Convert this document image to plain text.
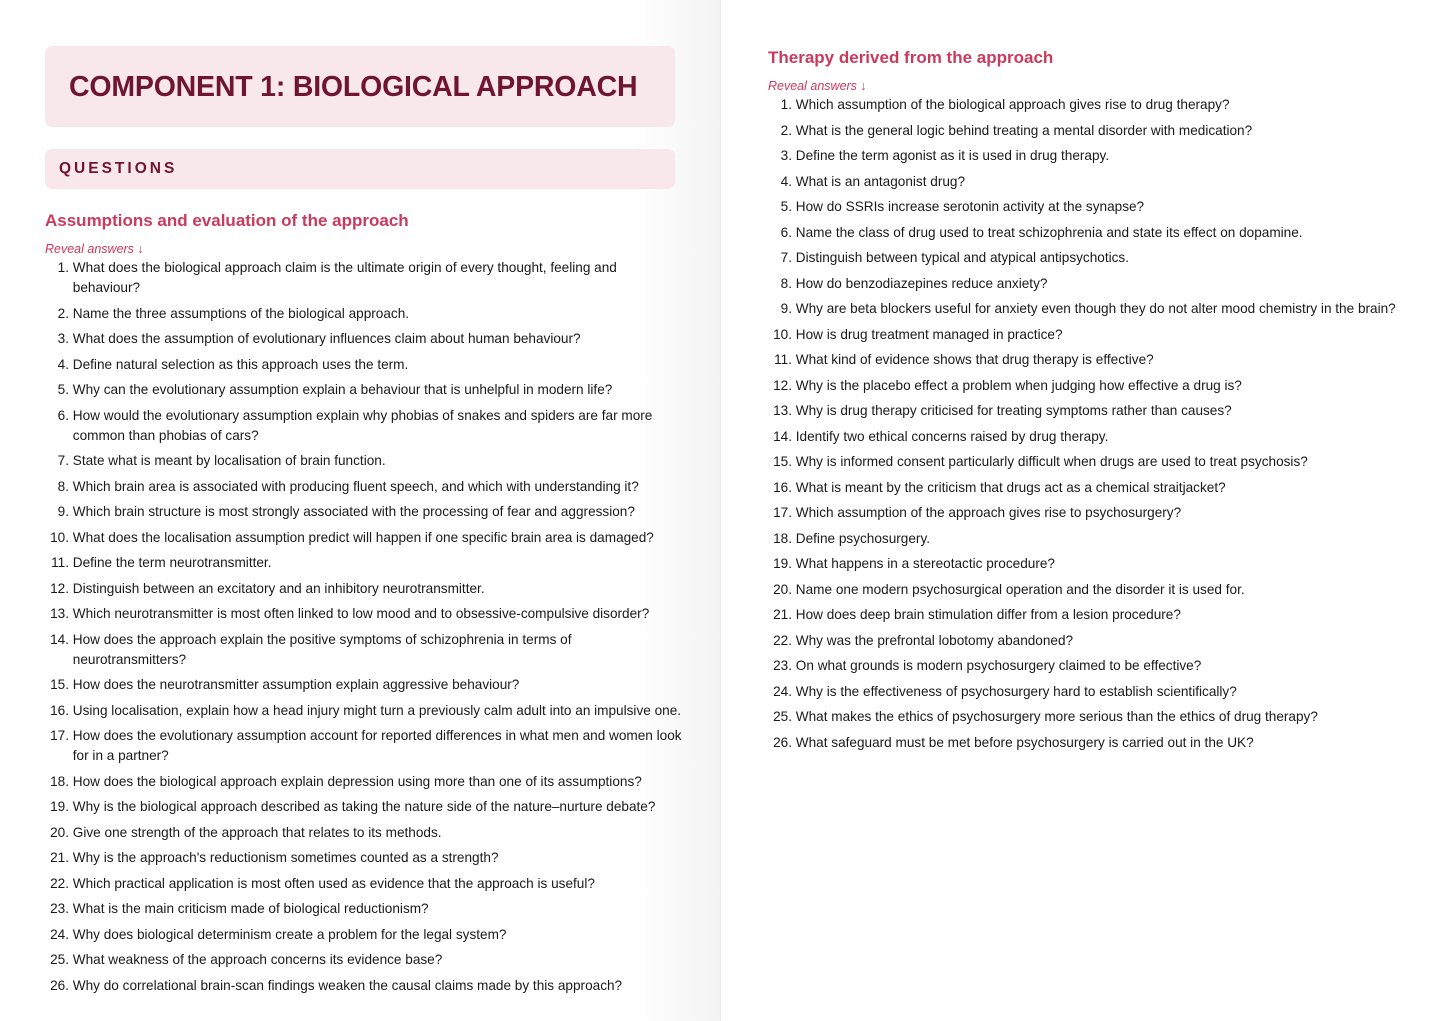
COMPONENT 1: BIOLOGICAL APPROACH
QUESTIONS
Assumptions and evaluation of the approach
Reveal answers ↓
1.
What does the biological approach claim is the ultimate origin of every thought, feeling and behaviour?
2.
Name the three assumptions of the biological approach.
3.
What does the assumption of evolutionary influences claim about human behaviour?
4.
Define natural selection as this approach uses the term.
5.
Why can the evolutionary assumption explain a behaviour that is unhelpful in modern life?
6.
How would the evolutionary assumption explain why phobias of snakes and spiders are far more common than phobias of cars?
7.
State what is meant by localisation of brain function.
8.
Which brain area is associated with producing fluent speech, and which with understanding it?
9.
Which brain structure is most strongly associated with the processing of fear and aggression?
10.
What does the localisation assumption predict will happen if one specific brain area is damaged?
11.
Define the term neurotransmitter.
12.
Distinguish between an excitatory and an inhibitory neurotransmitter.
13.
Which neurotransmitter is most often linked to low mood and to obsessive-compulsive disorder?
14.
How does the approach explain the positive symptoms of schizophrenia in terms of neurotransmitters?
15.
How does the neurotransmitter assumption explain aggressive behaviour?
16.
Using localisation, explain how a head injury might turn a previously calm adult into an impulsive one.
17.
How does the evolutionary assumption account for reported differences in what men and women look for in a partner?
18.
How does the biological approach explain depression using more than one of its assumptions?
19.
Why is the biological approach described as taking the nature side of the nature–nurture debate?
20.
Give one strength of the approach that relates to its methods.
21.
Why is the approach's reductionism sometimes counted as a strength?
22.
Which practical application is most often used as evidence that the approach is useful?
23.
What is the main criticism made of biological reductionism?
24.
Why does biological determinism create a problem for the legal system?
25.
What weakness of the approach concerns its evidence base?
26.
Why do correlational brain-scan findings weaken the causal claims made by this approach?
Therapy derived from the approach
Reveal answers ↓
1.
Which assumption of the biological approach gives rise to drug therapy?
2.
What is the general logic behind treating a mental disorder with medication?
3.
Define the term agonist as it is used in drug therapy.
4.
What is an antagonist drug?
5.
How do SSRIs increase serotonin activity at the synapse?
6.
Name the class of drug used to treat schizophrenia and state its effect on dopamine.
7.
Distinguish between typical and atypical antipsychotics.
8.
How do benzodiazepines reduce anxiety?
9.
Why are beta blockers useful for anxiety even though they do not alter mood chemistry in the brain?
10.
How is drug treatment managed in practice?
11.
What kind of evidence shows that drug therapy is effective?
12.
Why is the placebo effect a problem when judging how effective a drug is?
13.
Why is drug therapy criticised for treating symptoms rather than causes?
14.
Identify two ethical concerns raised by drug therapy.
15.
Why is informed consent particularly difficult when drugs are used to treat psychosis?
16.
What is meant by the criticism that drugs act as a chemical straitjacket?
17.
Which assumption of the approach gives rise to psychosurgery?
18.
Define psychosurgery.
19.
What happens in a stereotactic procedure?
20.
Name one modern psychosurgical operation and the disorder it is used for.
21.
How does deep brain stimulation differ from a lesion procedure?
22.
Why was the prefrontal lobotomy abandoned?
23.
On what grounds is modern psychosurgery claimed to be effective?
24.
Why is the effectiveness of psychosurgery hard to establish scientifically?
25.
What makes the ethics of psychosurgery more serious than the ethics of drug therapy?
26.
What safeguard must be met before psychosurgery is carried out in the UK?
